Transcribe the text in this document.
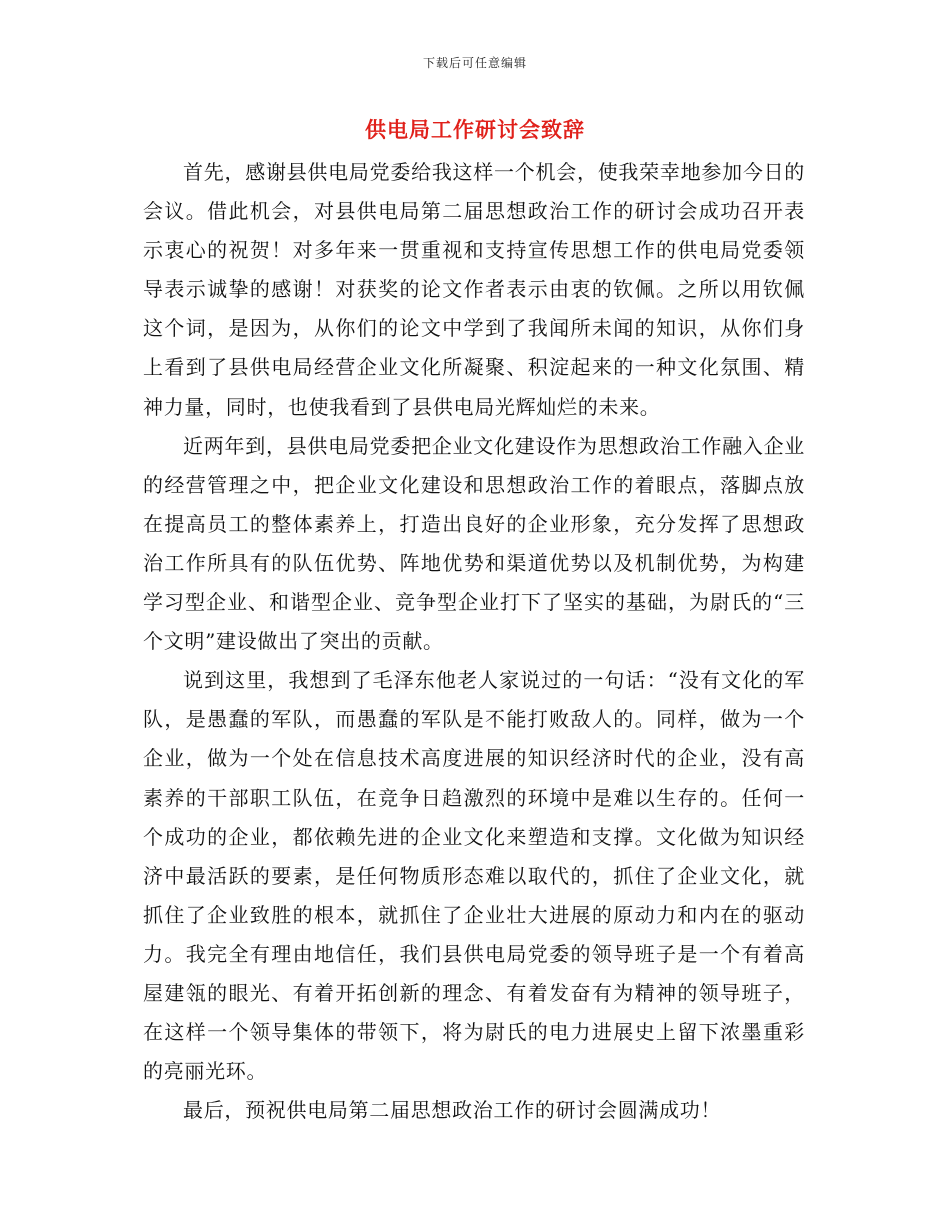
下载后可任意编辑
供电局工作研讨会致辞

首先，感谢县供电局党委给我这样一个机会，使我荣幸地参加今日的会议。借此机会，对县供电局第二届思想政治工作的研讨会成功召开表示衷心的祝贺！对多年来一贯重视和支持宣传思想工作的供电局党委领导表示诚挚的感谢！对获奖的论文作者表示由衷的钦佩。之所以用钦佩这个词，是因为，从你们的论文中学到了我闻所未闻的知识，从你们身上看到了县供电局经营企业文化所凝聚、积淀起来的一种文化氛围、精神力量，同时，也使我看到了县供电局光辉灿烂的未来。

近两年到，县供电局党委把企业文化建设作为思想政治工作融入企业的经营管理之中，把企业文化建设和思想政治工作的着眼点，落脚点放在提高员工的整体素养上，打造出良好的企业形象，充分发挥了思想政治工作所具有的队伍优势、阵地优势和渠道优势以及机制优势，为构建学习型企业、和谐型企业、竞争型企业打下了坚实的基础，为尉氏的“三个文明”建设做出了突出的贡献。

说到这里，我想到了毛泽东他老人家说过的一句话：“没有文化的军队，是愚蠢的军队，而愚蠢的军队是不能打败敌人的。同样，做为一个企业，做为一个处在信息技术高度进展的知识经济时代的企业，没有高素养的干部职工队伍，在竞争日趋激烈的环境中是难以生存的。任何一个成功的企业，都依赖先进的企业文化来塑造和支撑。文化做为知识经济中最活跃的要素，是任何物质形态难以取代的，抓住了企业文化，就抓住了企业致胜的根本，就抓住了企业壮大进展的原动力和内在的驱动力。我完全有理由地信任，我们县供电局党委的领导班子是一个有着高屋建瓴的眼光、有着开拓创新的理念、有着发奋有为精神的领导班子，在这样一个领导集体的带领下，将为尉氏的电力进展史上留下浓墨重彩的亮丽光环。

最后，预祝供电局第二届思想政治工作的研讨会圆满成功！
